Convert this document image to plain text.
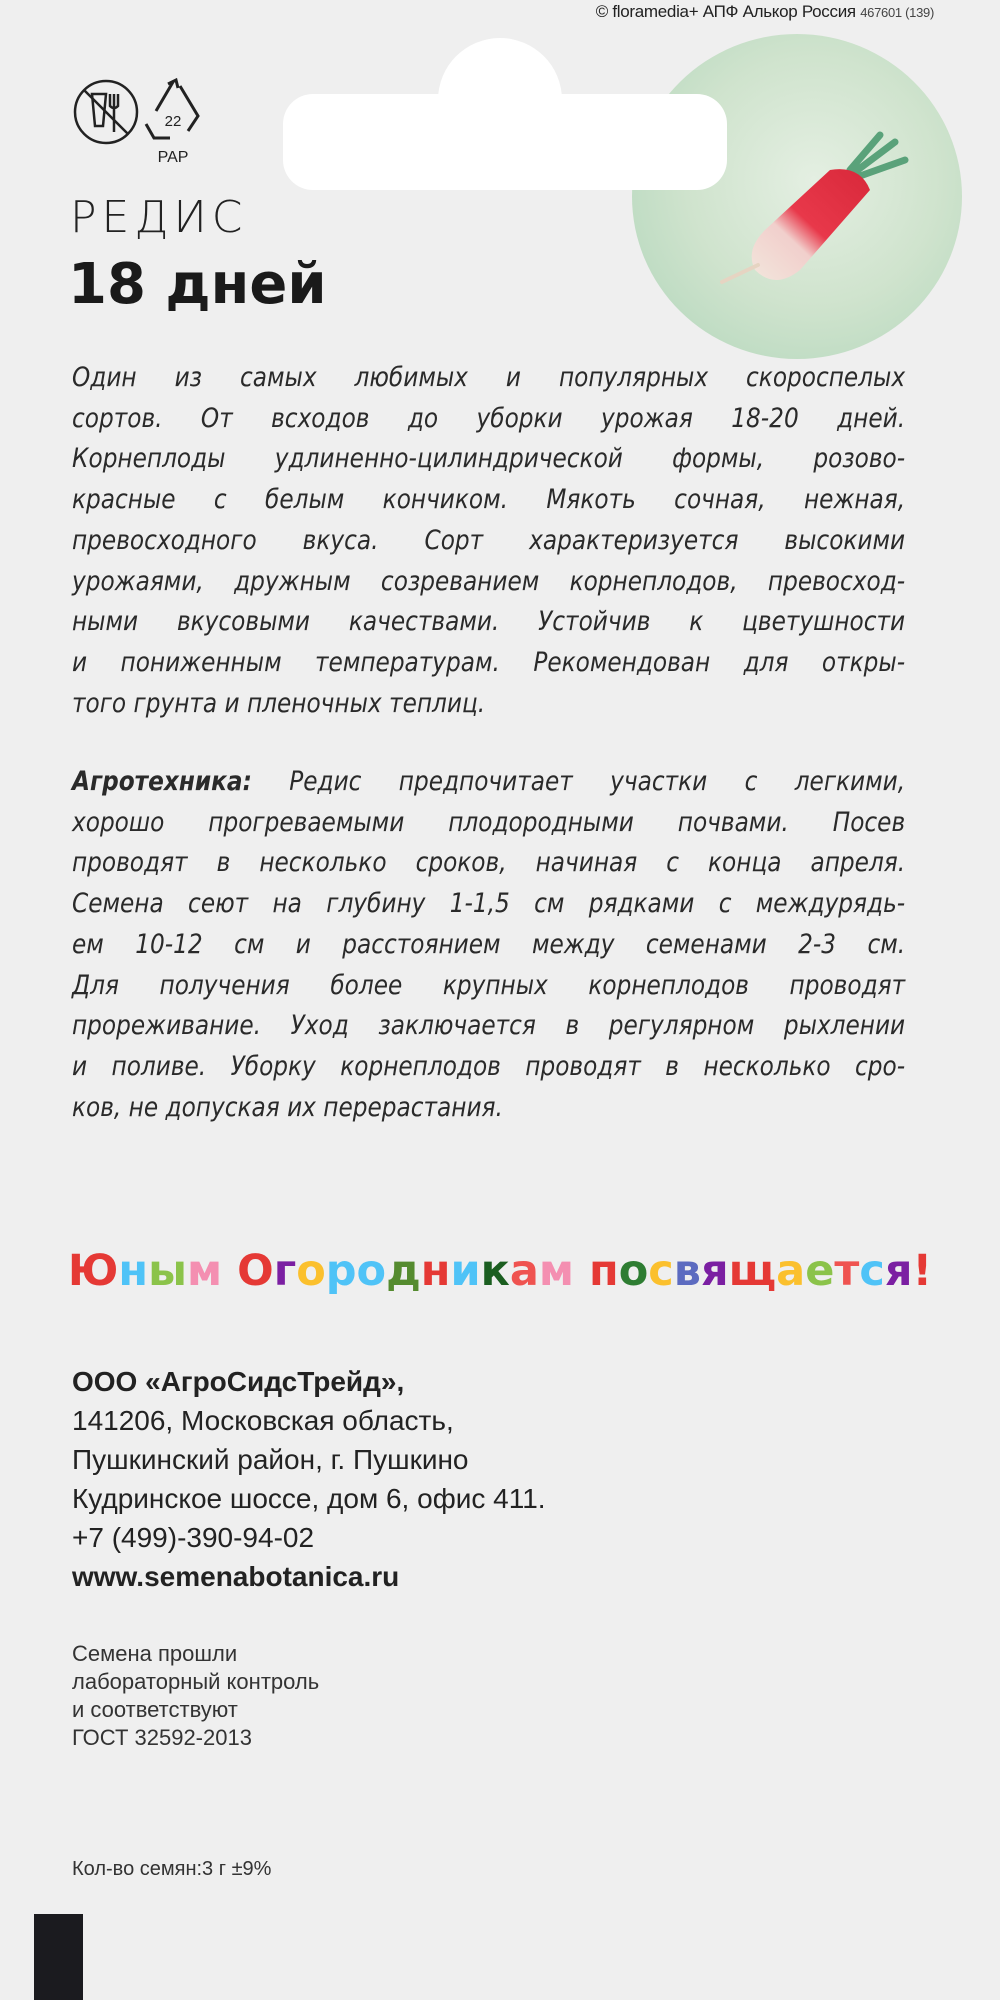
© floramedia+ АПФ Алькор Россия 467601 (139)
22
PAP
РЕДИС
18 дней
Один из самых любимых и популярных скороспелых
сортов. От всходов до уборки урожая 18-20 дней.
Корнеплоды удлиненно-цилиндрической формы, розово-
красные с белым кончиком. Мякоть сочная, нежная,
превосходного вкуса. Сорт характеризуется высокими
урожаями, дружным созреванием корнеплодов, превосход-
ными вкусовыми качествами. Устойчив к цветушности
и пониженным температурам. Рекомендован для откры-
того грунта и пленочных теплиц.
Агротехника: Редис предпочитает участки с легкими,
хорошо прогреваемыми плодородными почвами. Посев
проводят в несколько сроков, начиная с конца апреля.
Семена сеют на глубину 1-1,5 см рядками с междурядь-
ем 10-12 см и расстоянием между семенами 2-3 см.
Для получения более крупных корнеплодов проводят
прореживание. Уход заключается в регулярном рыхлении
и поливе. Уборку корнеплодов проводят в несколько сро-
ков, не допуская их перерастания.
Юным Огородникам посвящается!
ООО «АгроСидсТрейд»,
141206, Московская область,
Пушкинский район, г. Пушкино
Кудринское шоссе, дом 6, офис 411.
+7 (499)-390-94-02
www.semenabotanica.ru
Семена прошли
лабораторный контроль
и соответствуют
ГОСТ 32592-2013
Кол-во семян:3 г ±9%
